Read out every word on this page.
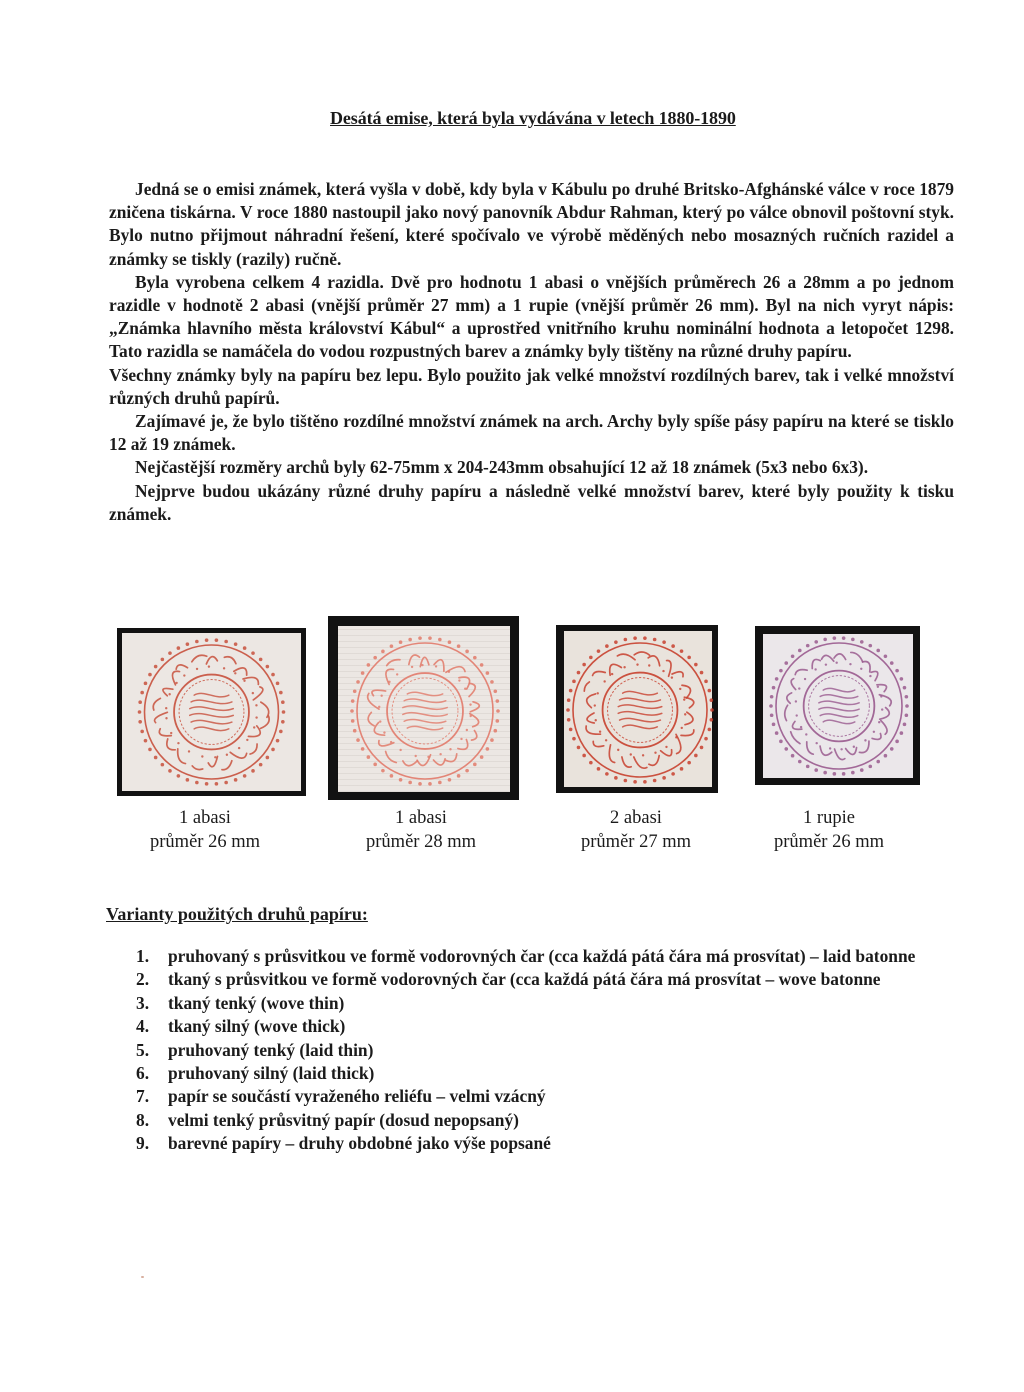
Desátá emise, která byla vydávána v letech 1880-1890

Jedná se o emisi známek, která vyšla v době, kdy byla v Kábulu po druhé Britsko-Afghánské válce v roce 1879 zničena tiskárna. V roce 1880 nastoupil jako nový panovník Abdur Rahman, který po válce obnovil poštovní styk. Bylo nutno přijmout náhradní řešení, které spočívalo ve výrobě měděných nebo mosazných ručních razidel a známky se tiskly (razily) ručně.

Byla vyrobena celkem 4 razidla. Dvě pro hodnotu 1 abasi o vnějších průměrech 26 a 28mm a po jednom razidle v hodnotě 2 abasi (vnější průměr 27 mm) a 1 rupie (vnější průměr 26 mm). Byl na nich vyryt nápis: „Známka hlavního města království Kábul“ a uprostřed vnitřního kruhu nominální hodnota a letopočet 1298. Tato razidla se namáčela do vodou rozpustných barev a známky byly tištěny na různé druhy papíru.

Všechny známky byly na papíru bez lepu. Bylo použito jak velké množství rozdílných barev, tak i velké množství různých druhů papírů.

Zajímavé je, že bylo tištěno rozdílné množství známek na arch. Archy byly spíše pásy papíru na které se tisklo 12 až 19 známek.

Nejčastější rozměry archů byly 62-75mm x 204-243mm obsahující 12 až 18 známek (5x3 nebo 6x3).

Nejprve budou ukázány různé druhy papíru a následně velké množství barev, které byly použity k tisku známek.

1 abasi
průměr 26 mm
1 abasi
průměr 28 mm
2 abasi
průměr 27 mm
1 rupie
průměr 26 mm
Varianty použitých druhů papíru:
1.	pruhovaný s průsvitkou ve formě vodorovných čar (cca každá pátá čára má prosvítat) – laid batonne
2.	tkaný s průsvitkou ve formě vodorovných čar (cca každá pátá čára má prosvítat – wove batonne
3.	tkaný tenký (wove thin)
4.	tkaný silný (wove thick)
5.	pruhovaný tenký (laid thin)
6.	pruhovaný silný (laid thick)
7.	papír se součástí vyraženého reliéfu – velmi vzácný
8.	velmi tenký průsvitný papír (dosud nepopsaný)
9.	barevné papíry – druhy obdobné jako výše popsané
